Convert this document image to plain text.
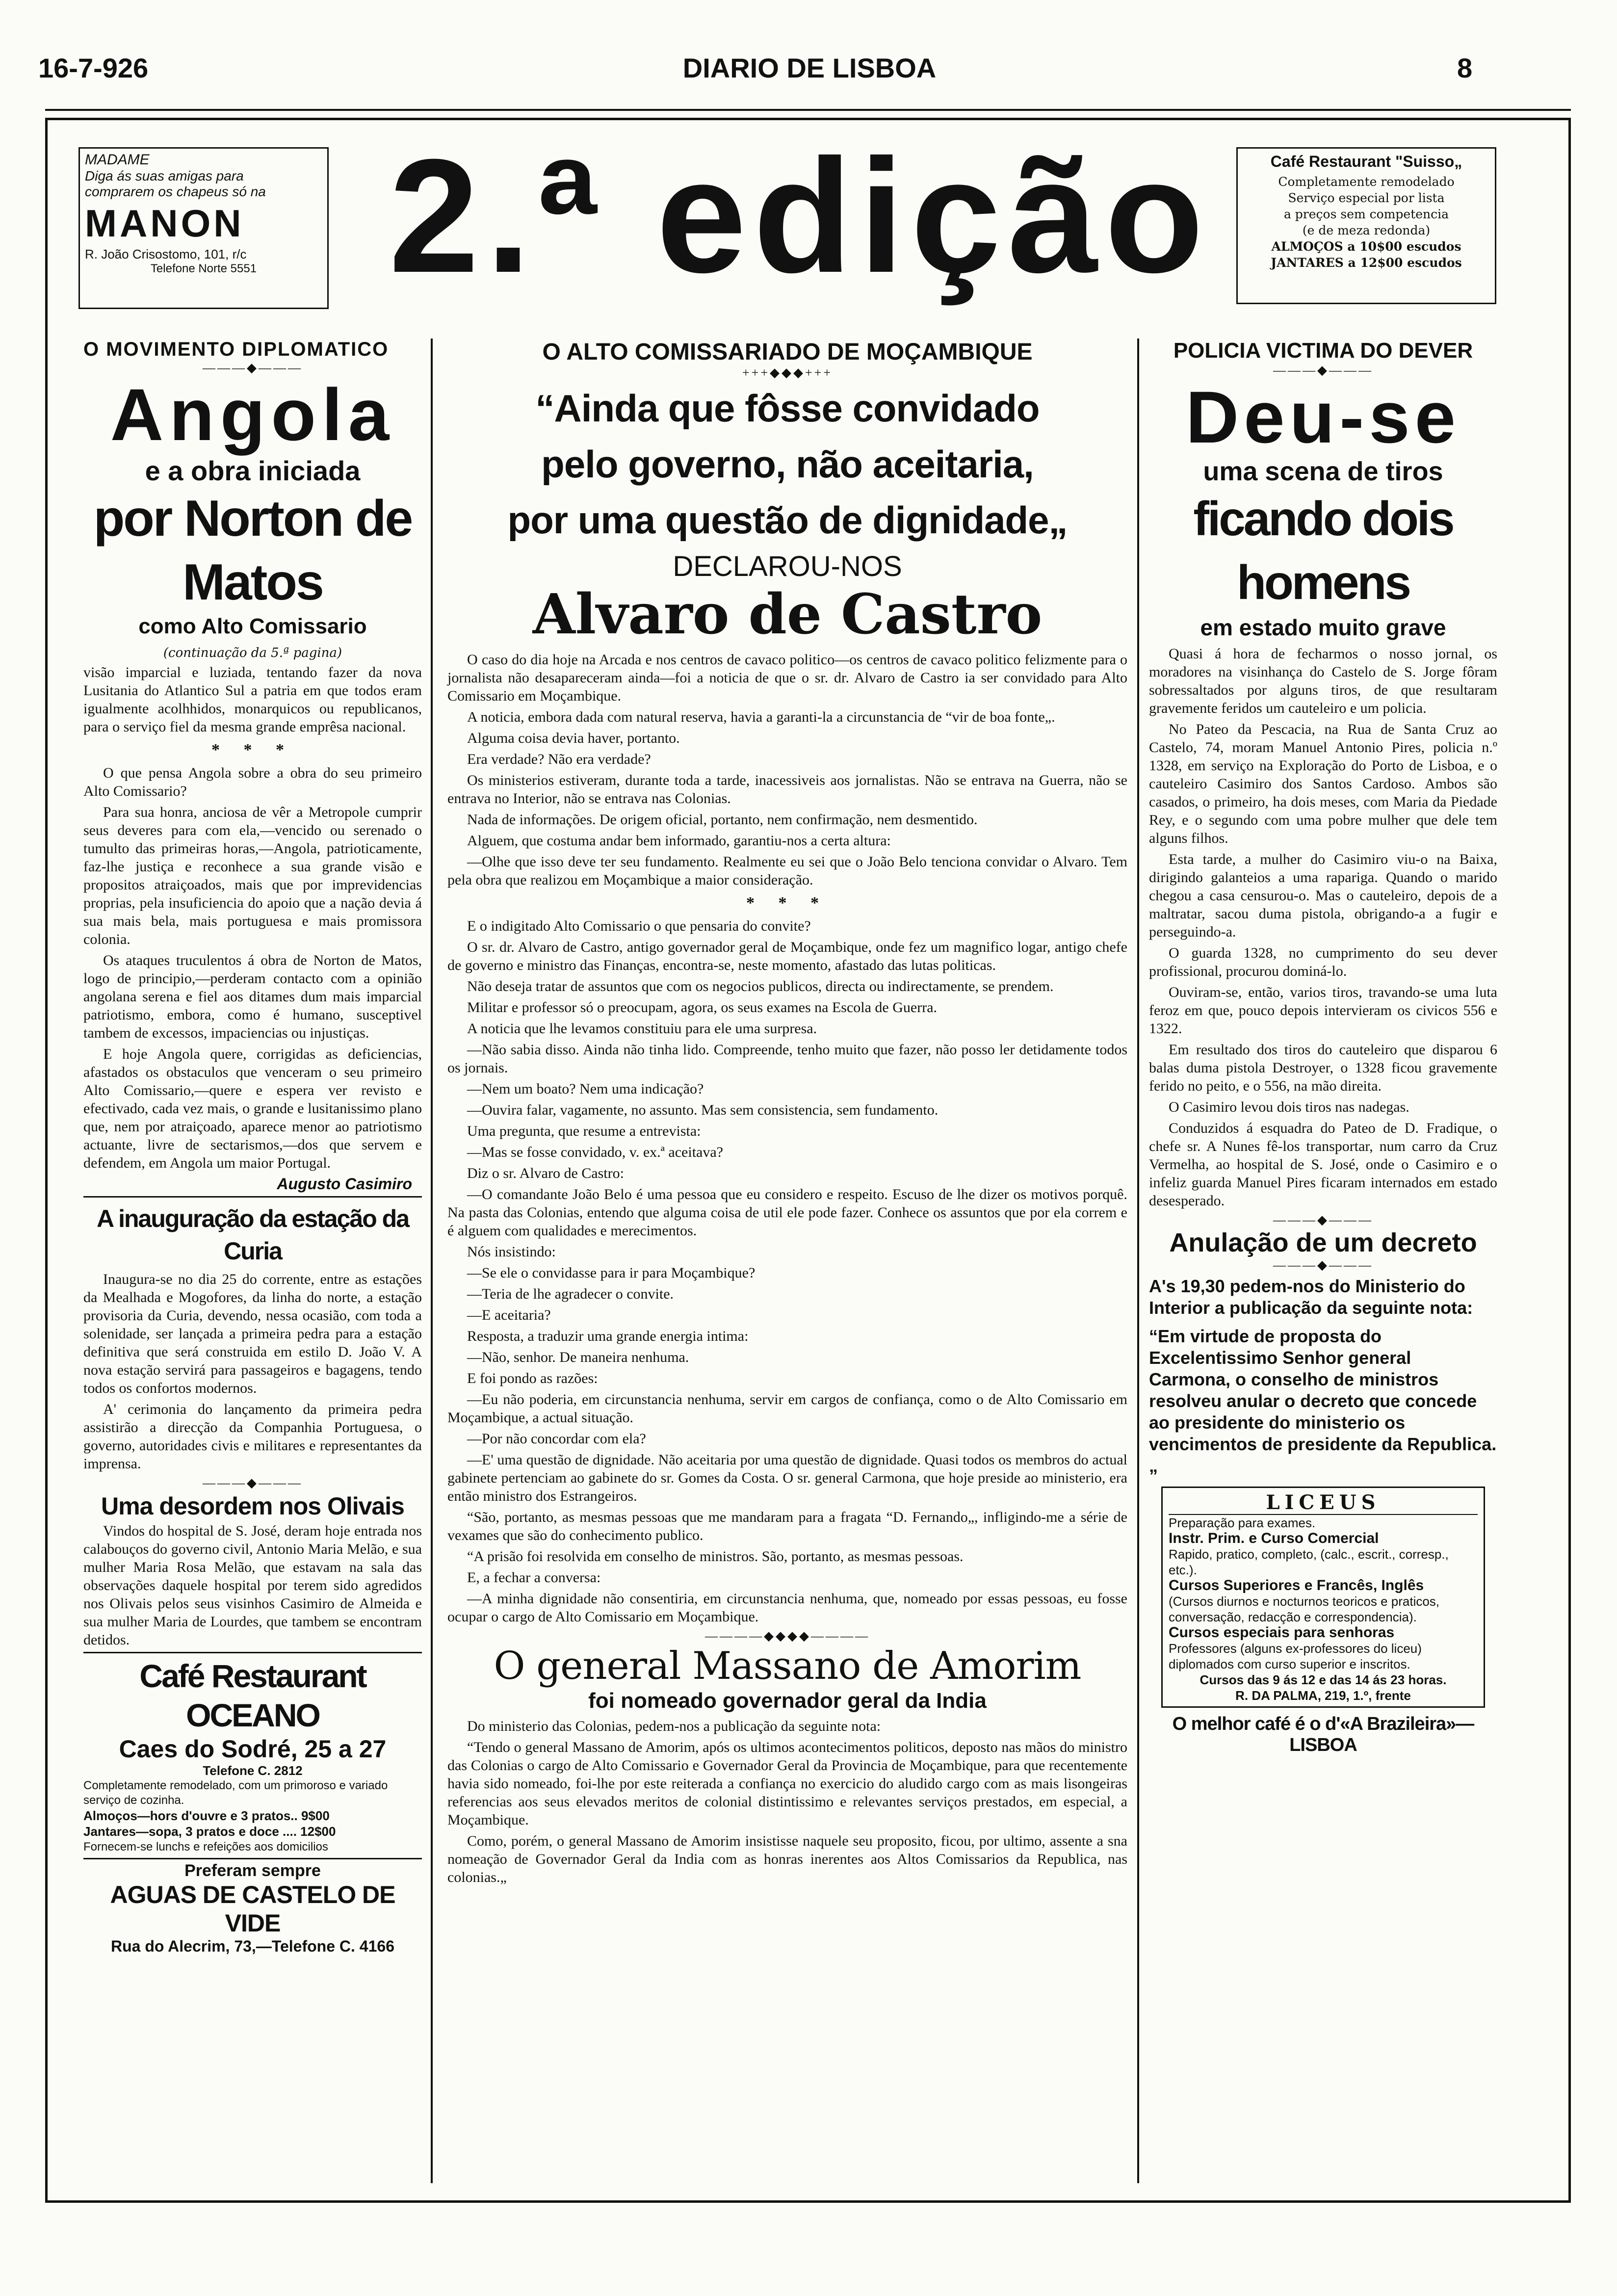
16-7-926	DIARIO DE LISBOA	8
MADAME
Diga ás suas amigas para
comprarem os chapeus só na
MANON
R. João Crisostomo, 101, r/c
Telefone Norte 5551 2.ª edição	Café Restaurant "Suisso„
Completamente remodelado
Serviço especial por lista
a preços sem competencia
(e de meza redonda)
ALMOÇOS a 10$00 escudos
JANTARES a 12$00 escudos
O MOVIMENTO DIPLOMATICO
———◆———
Angola
e a obra iniciada
por Norton de Matos
como Alto Comissario
(continuação da 5.ª pagina)

visão imparcial e luziada, tentando fazer da nova Lusitania do Atlantico Sul a patria em que todos eram igualmente acolhhidos, monarquicos ou republicanos, para o serviço fiel da mesma grande emprêsa nacional.

* * *

O que pensa Angola sobre a obra do seu primeiro Alto Comissario?

Para sua honra, anciosa de vêr a Metropole cumprir seus deveres para com ela,—vencido ou serenado o tumulto das primeiras horas,—Angola, patrioticamente, faz-lhe justiça e reconhece a sua grande visão e propositos atraiçoados, mais que por imprevidencias proprias, pela insuficiencia do apoio que a nação devia á sua mais bela, mais portuguesa e mais promissora colonia.

Os ataques truculentos á obra de Norton de Matos, logo de principio,—perderam contacto com a opinião angolana serena e fiel aos ditames dum mais imparcial patriotismo, embora, como é humano, susceptivel tambem de excessos, impaciencias ou injustiças.

E hoje Angola quere, corrigidas as deficiencias, afastados os obstaculos que venceram o seu primeiro Alto Comissario,—quere e espera ver revisto e efectivado, cada vez mais, o grande e lusitanissimo plano que, nem por atraiçoado, aparece menor ao patriotismo actuante, livre de sectarismos,—dos que servem e defendem, em Angola um maior Portugal.

Augusto Casimiro
A inauguração da estação da Curia

Inaugura-se no dia 25 do corrente, entre as estações da Mealhada e Mogofores, da linha do norte, a estação provisoria da Curia, devendo, nessa ocasião, com toda a solenidade, ser lançada a primeira pedra para a estação definitiva que será construida em estilo D. João V. A nova estação servirá para passageiros e bagagens, tendo todos os confortos modernos.

A' cerimonia do lançamento da primeira pedra assistirão a direcção da Companhia Portuguesa, o governo, autoridades civis e militares e representantes da imprensa.

———◆———
Uma desordem nos Olivais

Vindos do hospital de S. José, deram hoje entrada nos calabouços do governo civil, Antonio Maria Melão, e sua mulher Maria Rosa Melão, que estavam na sala das observações daquele hospital por terem sido agredidos nos Olivais pelos seus visinhos Casimiro de Almeida e sua mulher Maria de Lourdes, que tambem se encontram detidos.

Café Restaurant OCEANO
Caes do Sodré, 25 a 27
Telefone C. 2812
Completamente remodelado, com um primoroso e variado serviço de cozinha.
Almoços—hors d'ouvre e 3 pratos.. 9$00
Jantares—sopa, 3 pratos e doce .... 12$00
Fornecem-se lunchs e refeições aos domicilios
Preferam sempre
AGUAS DE CASTELO DE VIDE
Rua do Alecrim, 73,—Telefone C. 4166
O ALTO COMISSARIADO DE MOÇAMBIQUE
+++◆◆◆+++
“Ainda que fôsse convidado
pelo governo, não aceitaria,
por uma questão de dignidade„
DECLAROU-NOS
Alvaro de Castro

O caso do dia hoje na Arcada e nos centros de cavaco politico—os centros de cavaco politico felizmente para o jornalista não desapareceram ainda—foi a noticia de que o sr. dr. Alvaro de Castro ia ser convidado para Alto Comissario em Moçambique.

A noticia, embora dada com natural reserva, havia a garanti-la a circunstancia de “vir de boa fonte„.

Alguma coisa devia haver, portanto.

Era verdade? Não era verdade?

Os ministerios estiveram, durante toda a tarde, inacessiveis aos jornalistas. Não se entrava na Guerra, não se entrava no Interior, não se entrava nas Colonias.

Nada de informações. De origem oficial, portanto, nem confirmação, nem desmentido.

Alguem, que costuma andar bem informado, garantiu-nos a certa altura:

—Olhe que isso deve ter seu fundamento. Realmente eu sei que o João Belo tenciona convidar o Alvaro. Tem pela obra que realizou em Moçambique a maior consideração.

* * *

E o indigitado Alto Comissario o que pensaria do convite?

O sr. dr. Alvaro de Castro, antigo governador geral de Moçambique, onde fez um magnifico logar, antigo chefe de governo e ministro das Finanças, encontra-se, neste momento, afastado das lutas politicas.

Não deseja tratar de assuntos que com os negocios publicos, directa ou indirectamente, se prendem.

Militar e professor só o preocupam, agora, os seus exames na Escola de Guerra.

A noticia que lhe levamos constituiu para ele uma surpresa.

—Não sabia disso. Ainda não tinha lido. Compreende, tenho muito que fazer, não posso ler detidamente todos os jornais.

—Nem um boato? Nem uma indicação?

—Ouvira falar, vagamente, no assunto. Mas sem consistencia, sem fundamento.

Uma pregunta, que resume a entrevista:

—Mas se fosse convidado, v. ex.ª aceitava?

Diz o sr. Alvaro de Castro:

—O comandante João Belo é uma pessoa que eu considero e respeito. Escuso de lhe dizer os motivos porquê. Na pasta das Colonias, entendo que alguma coisa de util ele pode fazer. Conhece os assuntos que por ela correm e é alguem com qualidades e merecimentos.

Nós insistindo:

—Se ele o convidasse para ir para Moçambique?

—Teria de lhe agradecer o convite.

—E aceitaria?

Resposta, a traduzir uma grande energia intima:

—Não, senhor. De maneira nenhuma.

E foi pondo as razões:

—Eu não poderia, em circunstancia nenhuma, servir em cargos de confiança, como o de Alto Comissario em Moçambique, a actual situação.

—Por não concordar com ela?

—E' uma questão de dignidade. Não aceitaria por uma questão de dignidade. Quasi todos os membros do actual gabinete pertenciam ao gabinete do sr. Gomes da Costa. O sr. general Carmona, que hoje preside ao ministerio, era então ministro dos Estrangeiros.

“São, portanto, as mesmas pessoas que me mandaram para a fragata “D. Fernando„, infligindo-me a série de vexames que são do conhecimento publico.

“A prisão foi resolvida em conselho de ministros. São, portanto, as mesmas pessoas.

E, a fechar a conversa:

—A minha dignidade não consentiria, em circunstancia nenhuma, que, nomeado por essas pessoas, eu fosse ocupar o cargo de Alto Comissario em Moçambique.

————◆◆◆◆————
O general Massano de Amorim
foi nomeado governador geral da India

Do ministerio das Colonias, pedem-nos a publicação da seguinte nota:

“Tendo o general Massano de Amorim, após os ultimos acontecimentos politicos, deposto nas mãos do ministro das Colonias o cargo de Alto Comissario e Governador Geral da Provincia de Moçambique, para que recentemente havia sido nomeado, foi-lhe por este reiterada a confiança no exercicio do aludido cargo com as mais lisongeiras referencias aos seus elevados meritos de colonial distintissimo e relevantes serviços prestados, em especial, a Moçambique.

Como, porém, o general Massano de Amorim insistisse naquele seu proposito, ficou, por ultimo, assente a sna nomeação de Governador Geral da India com as honras inerentes aos Altos Comissarios da Republica, nas colonias.„

POLICIA VICTIMA DO DEVER
———◆———
Deu-se
uma scena de tiros
ficando dois homens
em estado muito grave

Quasi á hora de fecharmos o nosso jornal, os moradores na visinhança do Castelo de S. Jorge fôram sobressaltados por alguns tiros, de que resultaram gravemente feridos um cauteleiro e um policia.

No Pateo da Pescacia, na Rua de Santa Cruz ao Castelo, 74, moram Manuel Antonio Pires, policia n.º 1328, em serviço na Exploração do Porto de Lisboa, e o cauteleiro Casimiro dos Santos Cardoso. Ambos são casados, o primeiro, ha dois meses, com Maria da Piedade Rey, e o segundo com uma pobre mulher que dele tem alguns filhos.

Esta tarde, a mulher do Casimiro viu-o na Baixa, dirigindo galanteios a uma rapariga. Quando o marido chegou a casa censurou-o. Mas o cauteleiro, depois de a maltratar, sacou duma pistola, obrigando-a a fugir e perseguindo-a.

O guarda 1328, no cumprimento do seu dever profissional, procurou dominá-lo.

Ouviram-se, então, varios tiros, travando-se uma luta feroz em que, pouco depois intervieram os civicos 556 e 1322.

Em resultado dos tiros do cauteleiro que disparou 6 balas duma pistola Destroyer, o 1328 ficou gravemente ferido no peito, e o 556, na mão direita.

O Casimiro levou dois tiros nas nadegas.

Conduzidos á esquadra do Pateo de D. Fradique, o chefe sr. A Nunes fê-los transportar, num carro da Cruz Vermelha, ao hospital de S. José, onde o Casimiro e o infeliz guarda Manuel Pires ficaram internados em estado desesperado.

———◆———
Anulação de um decreto
———◆———
A's 19,30 pedem-nos do Ministerio do Interior a publicação da seguinte nota:
“Em virtude de proposta do Excelentissimo Senhor general Carmona, o conselho de ministros resolveu anular o decreto que concede ao presidente do ministerio os vencimentos de presidente da Republica.„
LICEUS
Preparação para exames.
Instr. Prim. e Curso Comercial
Rapido, pratico, completo, (calc., escrit., corresp., etc.).
Cursos Superiores e Francês, Inglês
(Cursos diurnos e nocturnos teoricos e praticos, conversação, redacção e correspondencia).
Cursos especiais para senhoras
Professores (alguns ex-professores do liceu) diplomados com curso superior e inscritos.
Cursos das 9 ás 12 e das 14 ás 23 horas.
R. DA PALMA, 219, 1.º, frente
O melhor café é o d'«A Brazileira»—LISBOA
